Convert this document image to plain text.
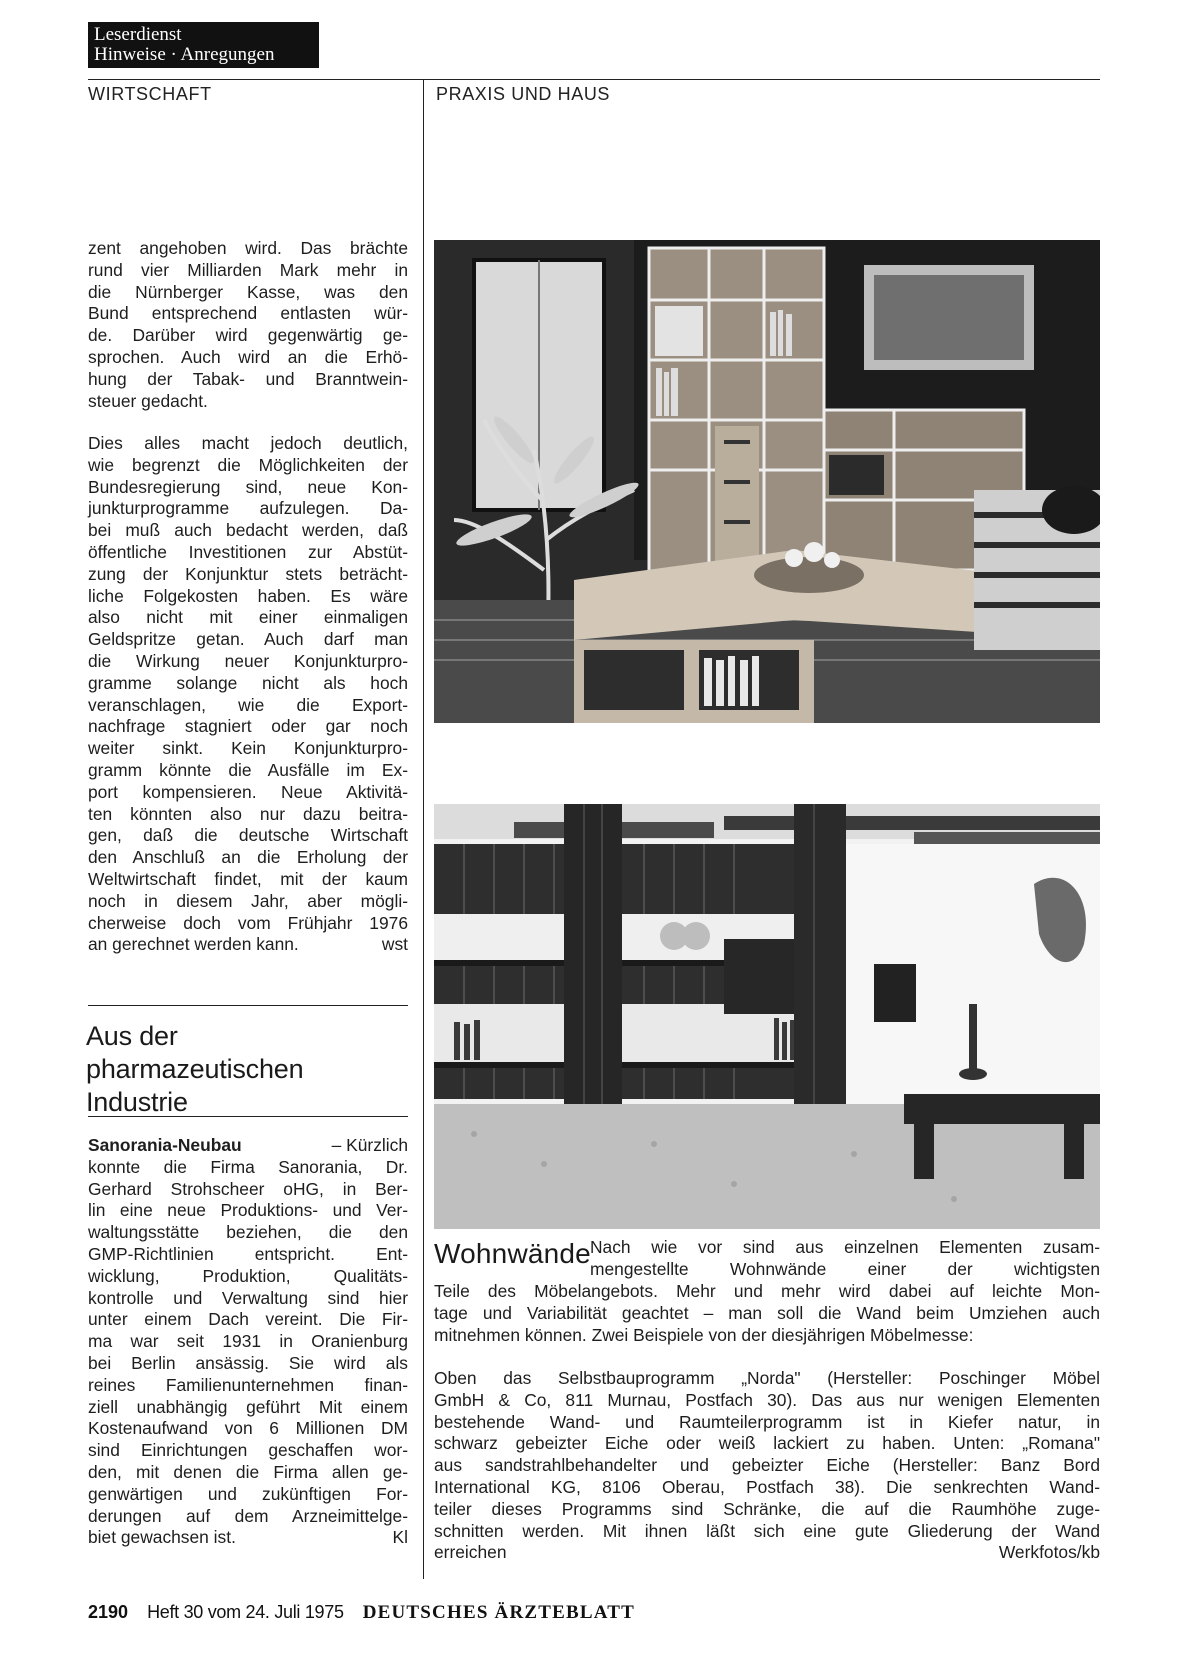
Leserdienst
Hinweise · Anregungen
WIRTSCHAFT	PRAXIS UND HAUS

zent angehoben wird. Das brächte

rund vier Milliarden Mark mehr in

die Nürnberger Kasse, was den

Bund entsprechend entlasten wür-

de. Darüber wird gegenwärtig ge-

sprochen. Auch wird an die Erhö-

hung der Tabak- und Branntwein-

steuer gedacht.

Dies alles macht jedoch deutlich,

wie begrenzt die Möglichkeiten der

Bundesregierung sind, neue Kon-

junkturprogramme aufzulegen. Da-

bei muß auch bedacht werden, daß

öffentliche Investitionen zur Abstüt-

zung der Konjunktur stets beträcht-

liche Folgekosten haben. Es wäre

also nicht mit einer einmaligen

Geldspritze getan. Auch darf man

die Wirkung neuer Konjunkturpro-

gramme solange nicht als hoch

veranschlagen, wie die Export-

nachfrage stagniert oder gar noch

weiter sinkt. Kein Konjunkturpro-

gramm könnte die Ausfälle im Ex-

port kompensieren. Neue Aktivitä-

ten könnten also nur dazu beitra-

gen, daß die deutsche Wirtschaft

den Anschluß an die Erholung der

Weltwirtschaft findet, mit der kaum

noch in diesem Jahr, aber mögli-

cherweise doch vom Frühjahr 1976

an gerechnet werden kann.	wst

Aus der
pharmazeutischen
Industrie

Sanorania-Neubau	– Kürzlich

konnte die Firma Sanorania, Dr.

Gerhard Strohscheer oHG, in Ber-

lin eine neue Produktions- und Ver-

waltungsstätte beziehen, die den

GMP-Richtlinien entspricht. Ent-

wicklung, Produktion, Qualitäts-

kontrolle und Verwaltung sind hier

unter einem Dach vereint. Die Fir-

ma war seit 1931 in Oranienburg

bei Berlin ansässig. Sie wird als

reines Familienunternehmen finan-

ziell unabhängig geführt Mit einem

Kostenaufwand von 6 Millionen DM

sind Einrichtungen geschaffen wor-

den, mit denen die Firma allen ge-

genwärtigen und zukünftigen For-

derungen auf dem Arzneimittelge-

biet gewachsen ist.	Kl

Wohnwände Nach wie vor sind aus einzelnen Elementen zusam-

mengestellte Wohnwände einer der wichtigsten

Teile des Möbelangebots. Mehr und mehr wird dabei auf leichte Mon-

tage und Variabilität geachtet – man soll die Wand beim Umziehen auch

mitnehmen können. Zwei Beispiele von der diesjährigen Möbelmesse:

Oben das Selbstbauprogramm „Norda" (Hersteller: Poschinger Möbel

GmbH & Co, 811 Murnau, Postfach 30). Das aus nur wenigen Elementen

bestehende Wand- und Raumteilerprogramm ist in Kiefer natur, in

schwarz gebeizter Eiche oder weiß lackiert zu haben. Unten: „Romana"

aus sandstrahlbehandelter und gebeizter Eiche (Hersteller: Banz Bord

International KG, 8106 Oberau, Postfach 38). Die senkrechten Wand-

teiler dieses Programms sind Schränke, die auf die Raumhöhe zuge-

schnitten werden. Mit ihnen läßt sich eine gute Gliederung der Wand

erreichen	Werkfotos/kb

2190 Heft 30 vom 24. Juli 1975 DEUTSCHES ÄRZTEBLATT
